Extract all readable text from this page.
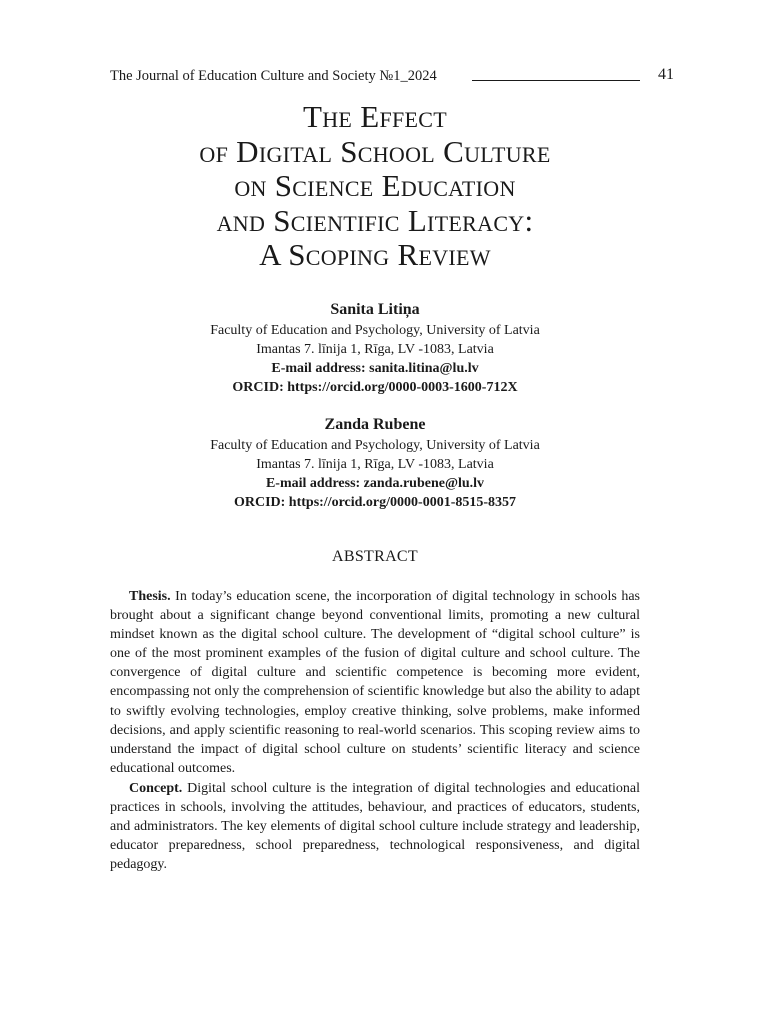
The Journal of Education Culture and Society №1_2024	41
The Effect
of Digital School Culture
on Science Education
and Scientific Literacy:
A Scoping Review
Sanita Litiņa
Faculty of Education and Psychology, University of Latvia
Imantas 7. līnija 1, Rīga, LV -1083, Latvia
E-mail address: sanita.litina@lu.lv
ORCID: https://orcid.org/0000-0003-1600-712X
Zanda Rubene
Faculty of Education and Psychology, University of Latvia
Imantas 7. līnija 1, Rīga, LV -1083, Latvia
E-mail address: zanda.rubene@lu.lv
ORCID: https://orcid.org/0000-0001-8515-8357
ABSTRACT

Thesis. In today’s education scene, the incorporation of digital technology in schools has brought about a significant change beyond conventional limits, promoting a new cultural mindset known as the digital school culture. The development of “digital school culture” is one of the most prominent examples of the fusion of digital culture and school culture. The convergence of digital culture and scientific competence is becoming more evident, encompassing not only the comprehension of scientific knowledge but also the ability to adapt to swiftly evolving technologies, employ creative thinking, solve problems, make informed decisions, and apply scientific reasoning to real-world scenarios. This scoping review aims to understand the impact of digital school culture on students’ scientific literacy and science educational outcomes.

Concept. Digital school culture is the integration of digital technologies and educational practices in schools, involving the attitudes, behaviour, and practices of educators, students, and administrators. The key elements of digital school culture include strategy and leadership, educator preparedness, school preparedness, technological responsiveness, and digital pedagogy.
